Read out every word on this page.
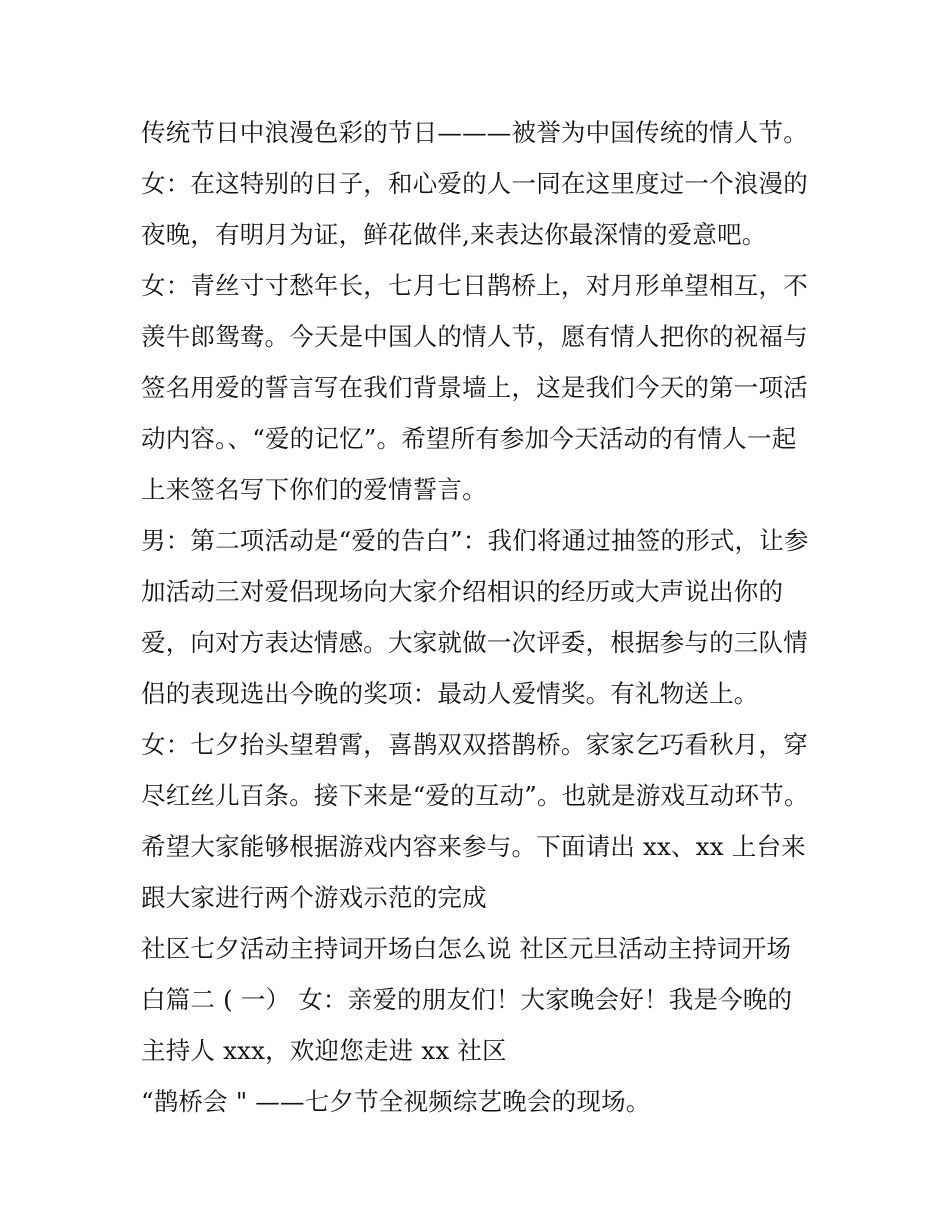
传统节日中浪漫色彩的节日———被誉为中国传统的情人节。
女：在这特别的日子，和心爱的人一同在这里度过一个浪漫的
夜晚，有明月为证，鲜花做伴,来表达你最深情的爱意吧。
女：青丝寸寸愁年长，七月七日鹊桥上，对月形单望相互，不
羡牛郎鸳鸯。今天是中国人的情人节，愿有情人把你的祝福与
签名用爱的誓言写在我们背景墙上，这是我们今天的第一项活
动内容。、“爱的记忆”。希望所有参加今天活动的有情人一起
上来签名写下你们的爱情誓言。
男：第二项活动是“爱的告白”：我们将通过抽签的形式，让参
加活动三对爱侣现场向大家介绍相识的经历或大声说出你的
爱，向对方表达情感。大家就做一次评委，根据参与的三队情
侣的表现选出今晚的奖项：最动人爱情奖。有礼物送上。
女：七夕抬头望碧霄，喜鹊双双搭鹊桥。家家乞巧看秋月，穿
尽红丝儿百条。接下来是“爱的互动”。也就是游戏互动环节。
希望大家能够根据游戏内容来参与。下面请出 xx、xx 上台来
跟大家进行两个游戏示范的完成
社区七夕活动主持词开场白怎么说 社区元旦活动主持词开场
白篇二 ( 一） 女：亲爱的朋友们！大家晚会好！我是今晚的
主持人 xxx，欢迎您走进 xx 社区
“鹊桥会 " ——七夕节全视频综艺晚会的现场。
